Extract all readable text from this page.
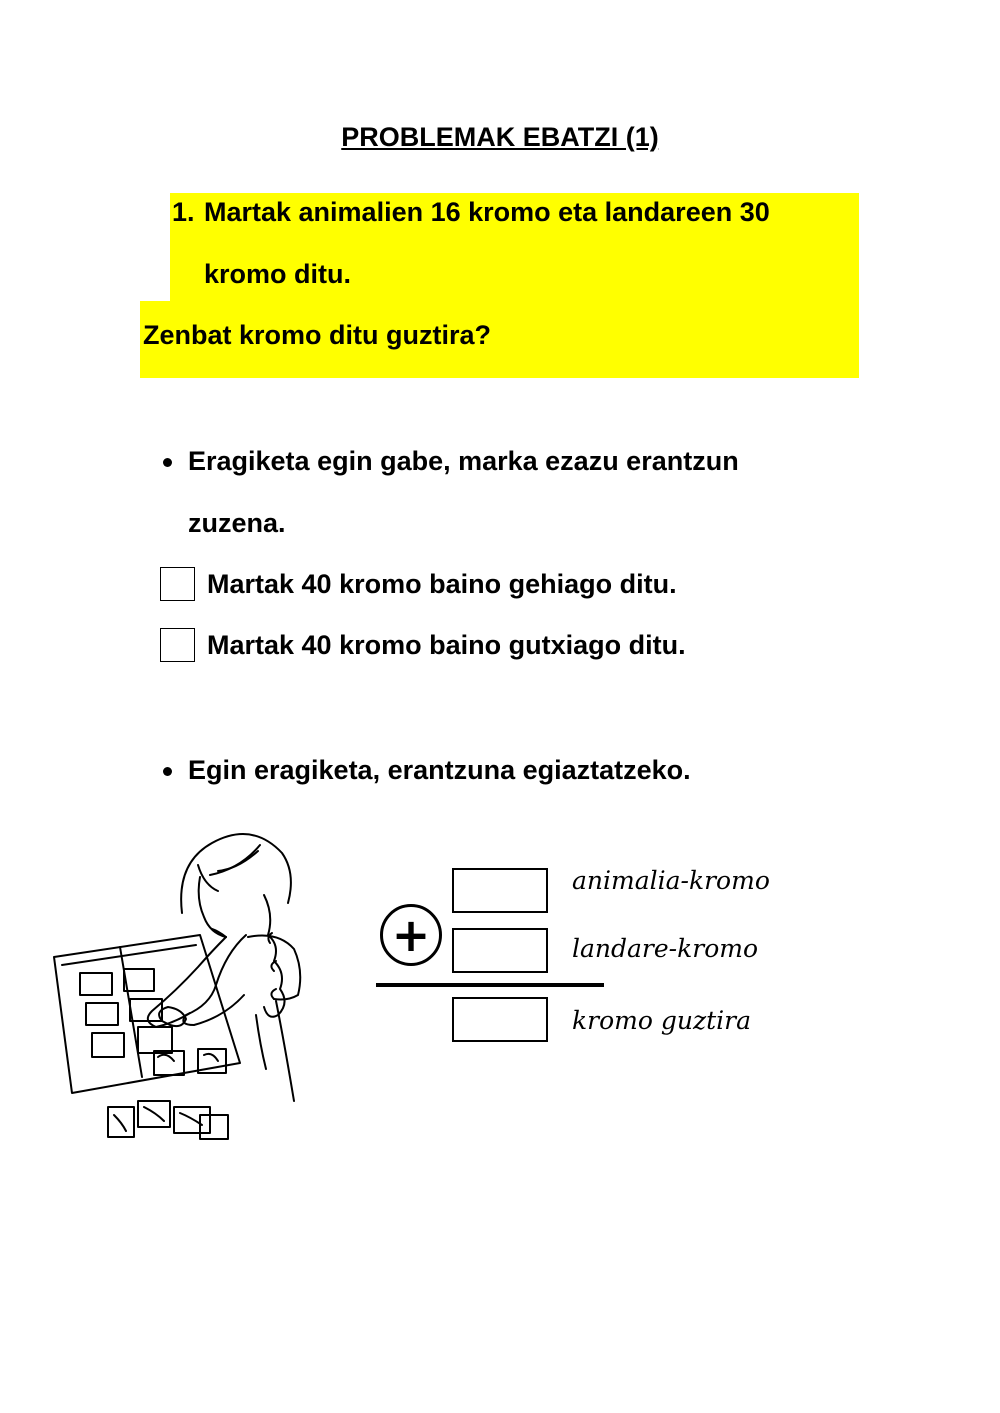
PROBLEMAK EBATZI (1)
1. Martak animalien 16 kromo eta landareen 30
kromo ditu.
Zenbat kromo ditu guztira?
Eragiketa egin gabe, marka ezazu erantzun
zuzena.
Martak 40 kromo baino gehiago ditu.
Martak 40 kromo baino gutxiago ditu.
Egin eragiketa, erantzuna egiaztatzeko.
+
animalia-kromo
landare-kromo
kromo guztira
